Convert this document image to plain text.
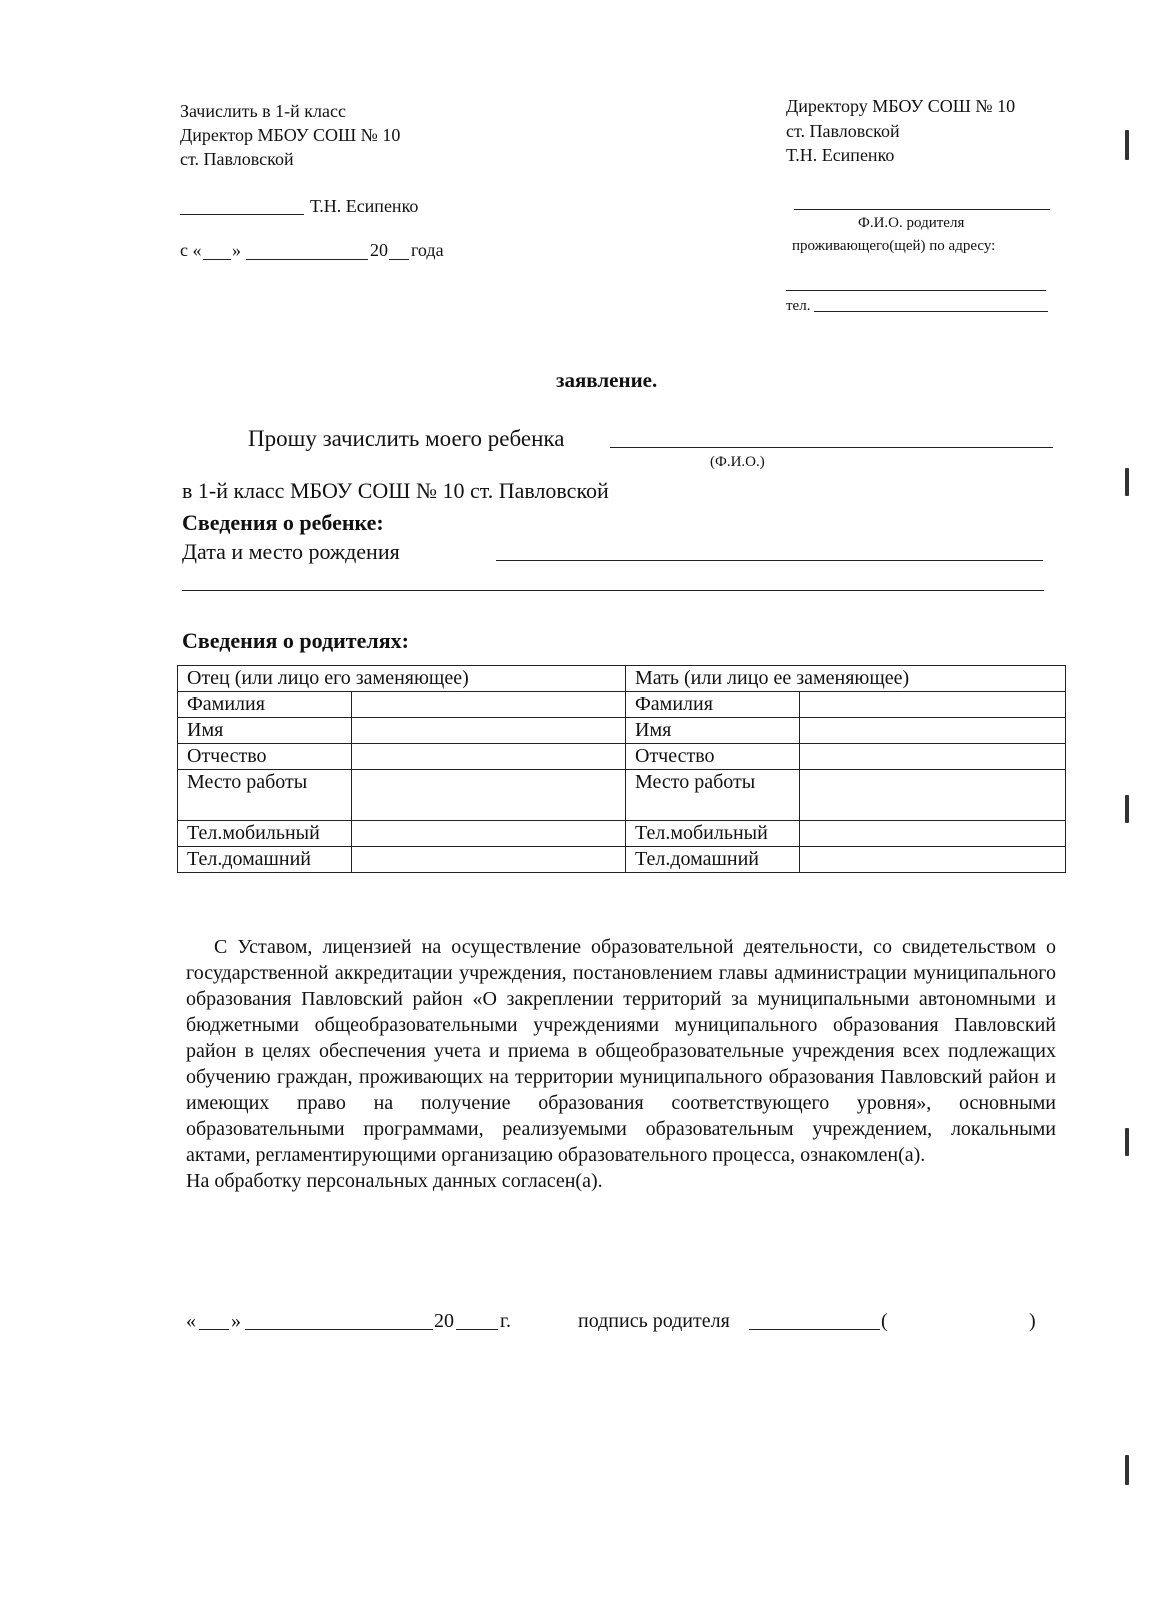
Зачислить в 1-й класс
Директор МБОУ СОШ № 10
ст. Павловской
Т.Н. Есипенко
с « »	20 года
Директору МБОУ СОШ № 10
ст. Павловской
Т.Н. Есипенко
Ф.И.О. родителя
проживающего(щей) по адресу:
тел.
заявление.
Прошу зачислить моего ребенка
(Ф.И.О.)
в 1-й класс МБОУ СОШ № 10 ст. Павловской
Сведения о ребенке:
Дата и место рождения
Сведения о родителях:
Отец (или лицо его заменяющее)		Мать (или лицо ее заменяющее)	
Фамилия		Фамилия	
Имя		Имя	
Отчество		Отчество	
Место работы		Место работы	
Тел.мобильный		Тел.мобильный	
Тел.домашний		Тел.домашний	

С Уставом, лицензией на осуществление образовательной деятельности, со свидетельством о государственной аккредитации учреждения, постановлением главы администрации муниципального образования Павловский район «О закреплении территорий за муниципальными автономными и бюджетными общеобразовательными учреждениями муниципального образования Павловский район в целях обеспечения учета и приема в общеобразовательные учреждения всех подлежащих обучению граждан, проживающих на территории муниципального образования Павловский район и имеющих право на получение образования соответствующего уровня», основными образовательными программами, реализуемыми образовательным учреждением, локальными актами, регламентирующими организацию образовательного процесса, ознакомлен(а).

На обработку персональных данных согласен(а).

« »	20 г.	подпись родителя	(	)
